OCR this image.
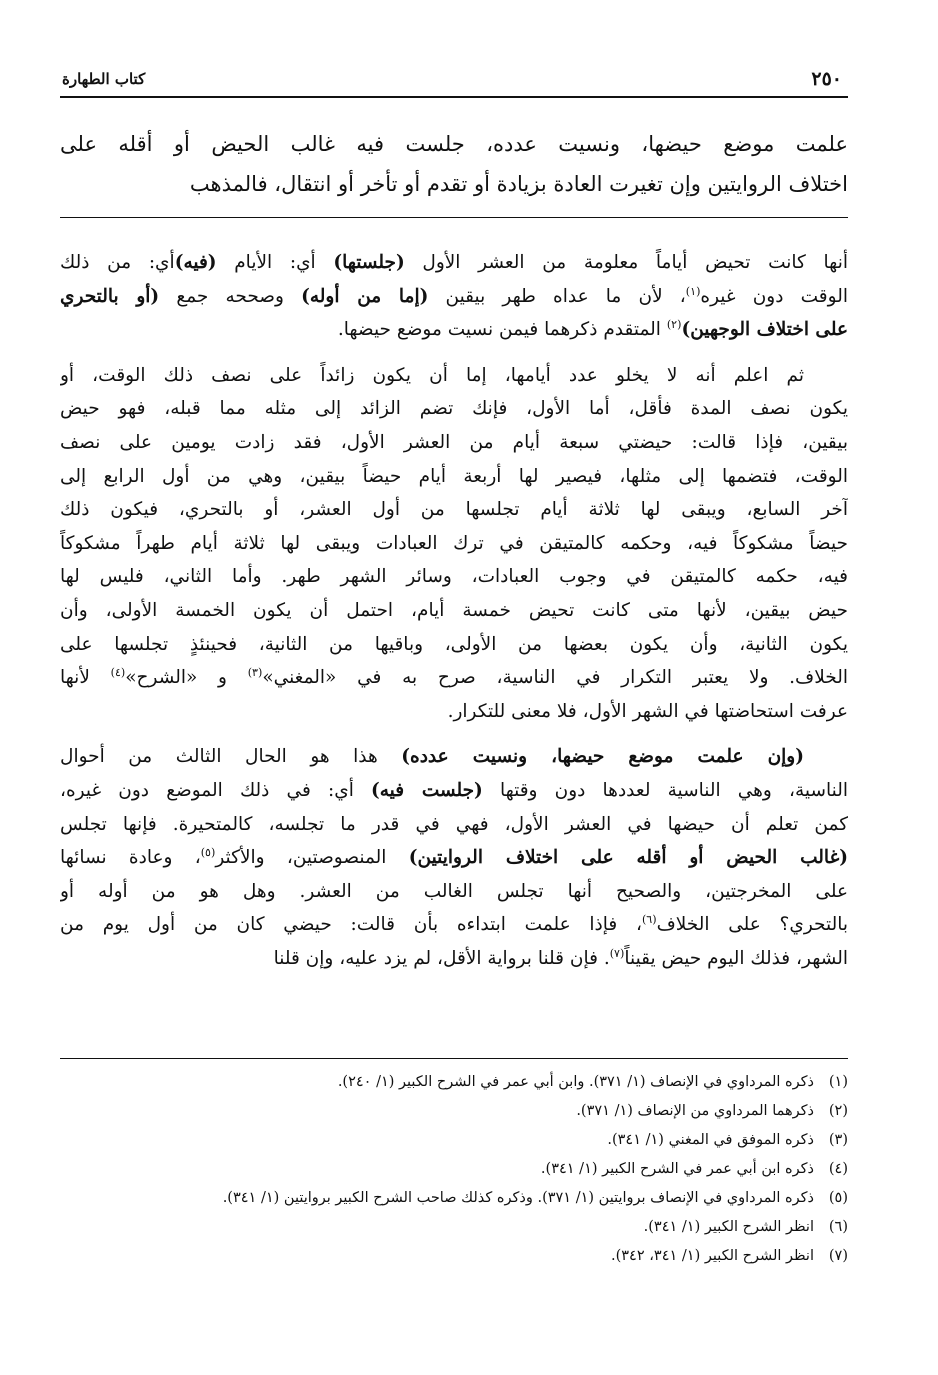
٢٥٠
كتاب الطهارة
علمت موضع حيضها، ونسيت عدده، جلست فيه غالب الحيض أو أقله على
اختلاف الروايتين وإن تغيرت العادة بزيادة أو تقدم أو تأخر أو انتقال، فالمذهب
أنها كانت تحيض أياماً معلومة من العشر الأول (جلستها) أي: الأيام (فيه)أي: من ذلك
الوقت دون غيره$^{(١)}$، لأن ما عداه طهر بيقين (إما من أوله) وصححه جمع (أو بالتحري
على اختلاف الوجهين)$^{(٢)}$ المتقدم ذكرهما فيمن نسيت موضع حيضها.
ثم اعلم أنه لا يخلو عدد أيامها، إما أن يكون زائداً على نصف ذلك الوقت، أو
يكون نصف المدة فأقل، أما الأول، فإنك تضم الزائد إلى مثله مما قبله، فهو حيض
بيقين، فإذا قالت: حيضتي سبعة أيام من العشر الأول، فقد زادت يومين على نصف
الوقت، فتضمها إلى مثلها، فيصير لها أربعة أيام حيضاً بيقين، وهي من أول الرابع إلى
آخر السابع، ويبقى لها ثلاثة أيام تجلسها من أول العشر، أو بالتحري، فيكون ذلك
حيضاً مشكوكاً فيه، وحكمه كالمتيقن في ترك العبادات ويبقى لها ثلاثة أيام طهراً مشكوكاً
فيه، حكمه كالمتيقن في وجوب العبادات، وسائر الشهر طهر. وأما الثاني، فليس لها
حيض بيقين، لأنها متى كانت تحيض خمسة أيام، احتمل أن يكون الخمسة الأولى، وأن
يكون الثانية، وأن يكون بعضها من الأولى، وباقيها من الثانية، فحينئذٍ تجلسها على
الخلاف. ولا يعتبر التكرار في الناسية، صرح به في «المغني»$^{(٣)}$ و «الشرح»$^{(٤)}$ لأنها
عرفت استحاضتها في الشهر الأول، فلا معنى للتكرار.
(وإن علمت موضع حيضها، ونسيت عدده) هذا هو الحال الثالث من أحوال
الناسية، وهي الناسية لعددها دون وقتها (جلست فيه) أي: في ذلك الموضع دون غيره،
كمن تعلم أن حيضها في العشر الأول، فهي في قدر ما تجلسه، كالمتحيرة. فإنها تجلس
(غالب الحيض أو أقله على اختلاف الروايتين) المنصوصتين، والأكثر$^{(٥)}$، وعادة نسائها
على المخرجتين، والصحيح أنها تجلس الغالب من العشر. وهل هو من أوله أو
بالتحري؟ على الخلاف$^{(٦)}$، فإذا علمت ابتداءه بأن قالت: حيضي كان من أول يوم من
الشهر، فذلك اليوم حيض يقيناً$^{(٧)}$. فإن قلنا برواية الأقل، لم يزد عليه، وإن قلنا
(١)
ذكره المرداوي في الإنصاف (١/ ٣٧١). وابن أبي عمر في الشرح الكبير (١/ ٢٤٠).
(٢)
ذكرهما المرداوي من الإنصاف (١/ ٣٧١).
(٣)
ذكره الموفق في المغني (١/ ٣٤١).
(٤)
ذكره ابن أبي عمر في الشرح الكبير (١/ ٣٤١).
(٥)
ذكره المرداوي في الإنصاف بروايتين (١/ ٣٧١). وذكره كذلك صاحب الشرح الكبير بروايتين (١/ ٣٤١).
(٦)
انظر الشرح الكبير (١/ ٣٤١).
(٧)
انظر الشرح الكبير (١/ ٣٤١، ٣٤٢).
